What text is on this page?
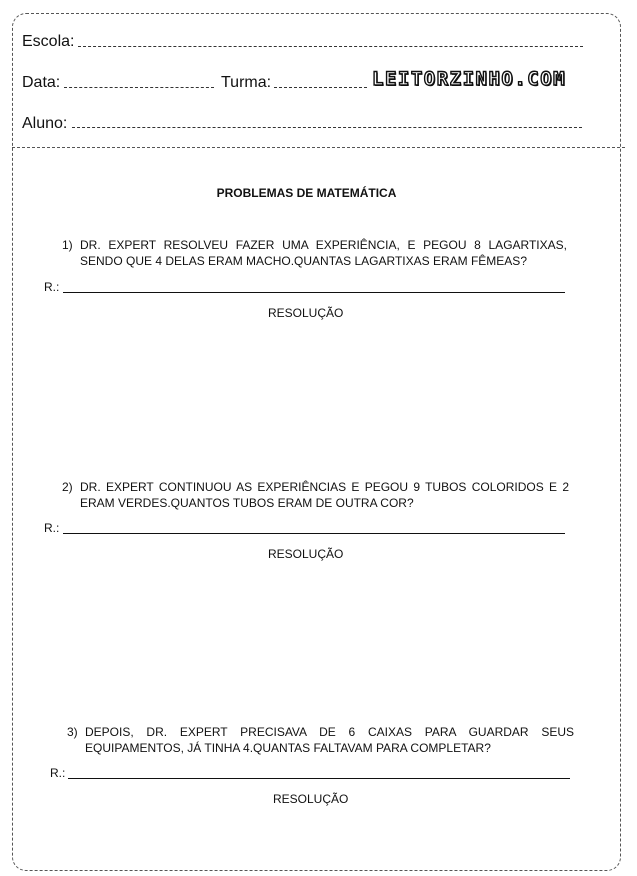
Escola:
Data:	Turma:	LEITORZINHO.COM
Aluno:
PROBLEMAS DE MATEMÁTICA
1) DR. EXPERT RESOLVEU FAZER UMA EXPERIÊNCIA, E PEGOU 8 LAGARTIXAS,
SENDO QUE 4 DELAS ERAM MACHO.QUANTAS LAGARTIXAS ERAM FÊMEAS?
R.:
RESOLUÇÃO
2) DR. EXPERT CONTINUOU AS EXPERIÊNCIAS E PEGOU 9 TUBOS COLORIDOS E 2
ERAM VERDES.QUANTOS TUBOS ERAM DE OUTRA COR?
R.:
RESOLUÇÃO
3) DEPOIS, DR. EXPERT PRECISAVA DE 6 CAIXAS PARA GUARDAR SEUS
EQUIPAMENTOS, JÁ TINHA 4.QUANTAS FALTAVAM PARA COMPLETAR?
R.:
RESOLUÇÃO
